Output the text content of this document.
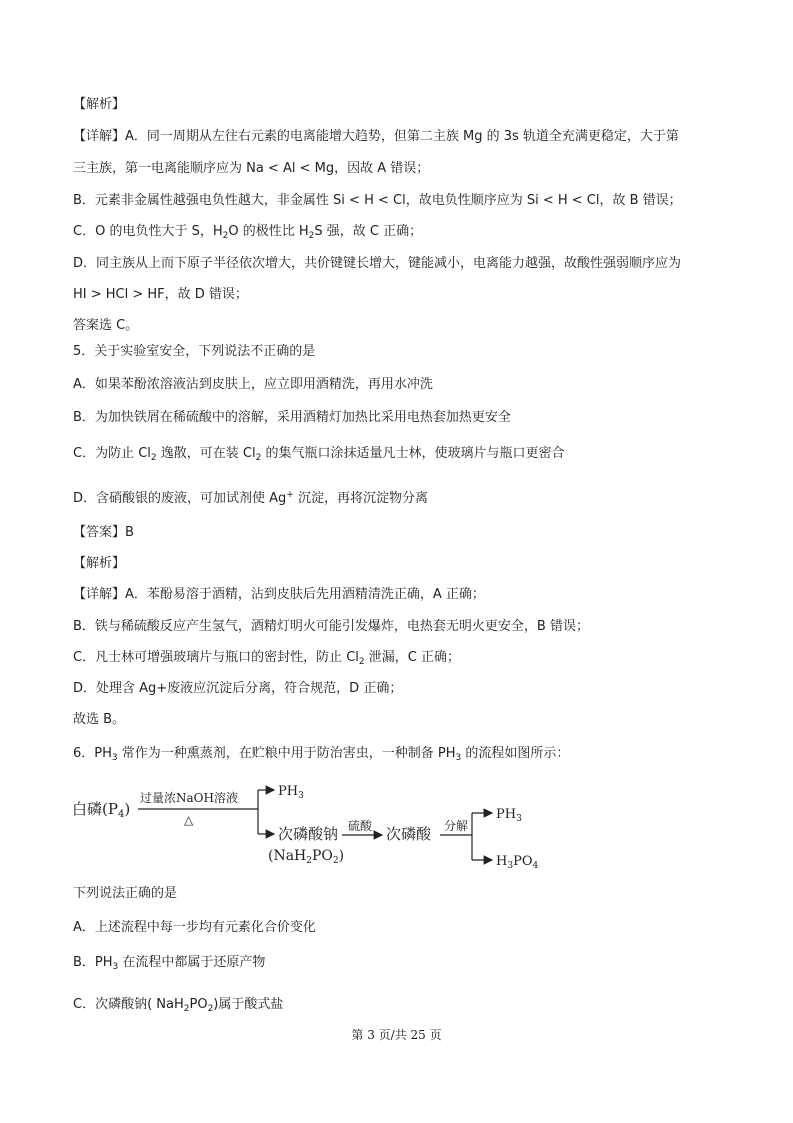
【解析】
【详解】A．同一周期从左往右元素的电离能增大趋势，但第二主族 Mg 的 3s 轨道全充满更稳定，大于第
三主族，第一电离能顺序应为 Na < Al < Mg，因故 A 错误；
B．元素非金属性越强电负性越大，非金属性 Si < H < Cl，故电负性顺序应为 Si < H < Cl，故 B 错误；
C．O 的电负性大于 S，$H_2O$ 的极性比 $H_2S$ 强，故 C 正确；
D．同主族从上而下原子半径依次增大，共价键键长增大，键能减小，电离能力越强，故酸性强弱顺序应为
HI > HCl > HF，故 D 错误；
答案选 C。
5．关于实验室安全，下列说法不正确的是
A．如果苯酚浓溶液沾到皮肤上，应立即用酒精洗，再用水冲洗
B．为加快铁屑在稀硫酸中的溶解，采用酒精灯加热比采用电热套加热更安全
C．为防止 $Cl_2$ 逸散，可在装 $Cl_2$ 的集气瓶口涂抹适量凡士林，使玻璃片与瓶口更密合
D．含硝酸银的废液，可加试剂使 Ag+ 沉淀，再将沉淀物分离
【答案】B
【解析】
【详解】A．苯酚易溶于酒精，沾到皮肤后先用酒精清洗正确，A 正确；
B．铁与稀硫酸反应产生氢气，酒精灯明火可能引发爆炸，电热套无明火更安全，B 错误；
C．凡士林可增强玻璃片与瓶口的密封性，防止 $Cl_2$ 泄漏，C 正确；
D．处理含 Ag+废液应沉淀后分离，符合规范，D 正确；
故选 B。
6．$PH_3$ 常作为一种熏蒸剂，在贮粮中用于防治害虫，一种制备 $PH_3$ 的流程如图所示：
白磷$(P_4)$
过量浓NaOH溶液
△
$PH_3$
次磷酸钠
$(NaH_2PO_2)$
硫酸 次磷酸 分解
$PH_3$
$H_3PO_4$
下列说法正确的是
A．上述流程中每一步均有元素化合价变化
B．$PH_3$ 在流程中都属于还原产物
C．次磷酸钠( $NaH_2PO_2$)属于酸式盐
第 3 页/共 25 页
